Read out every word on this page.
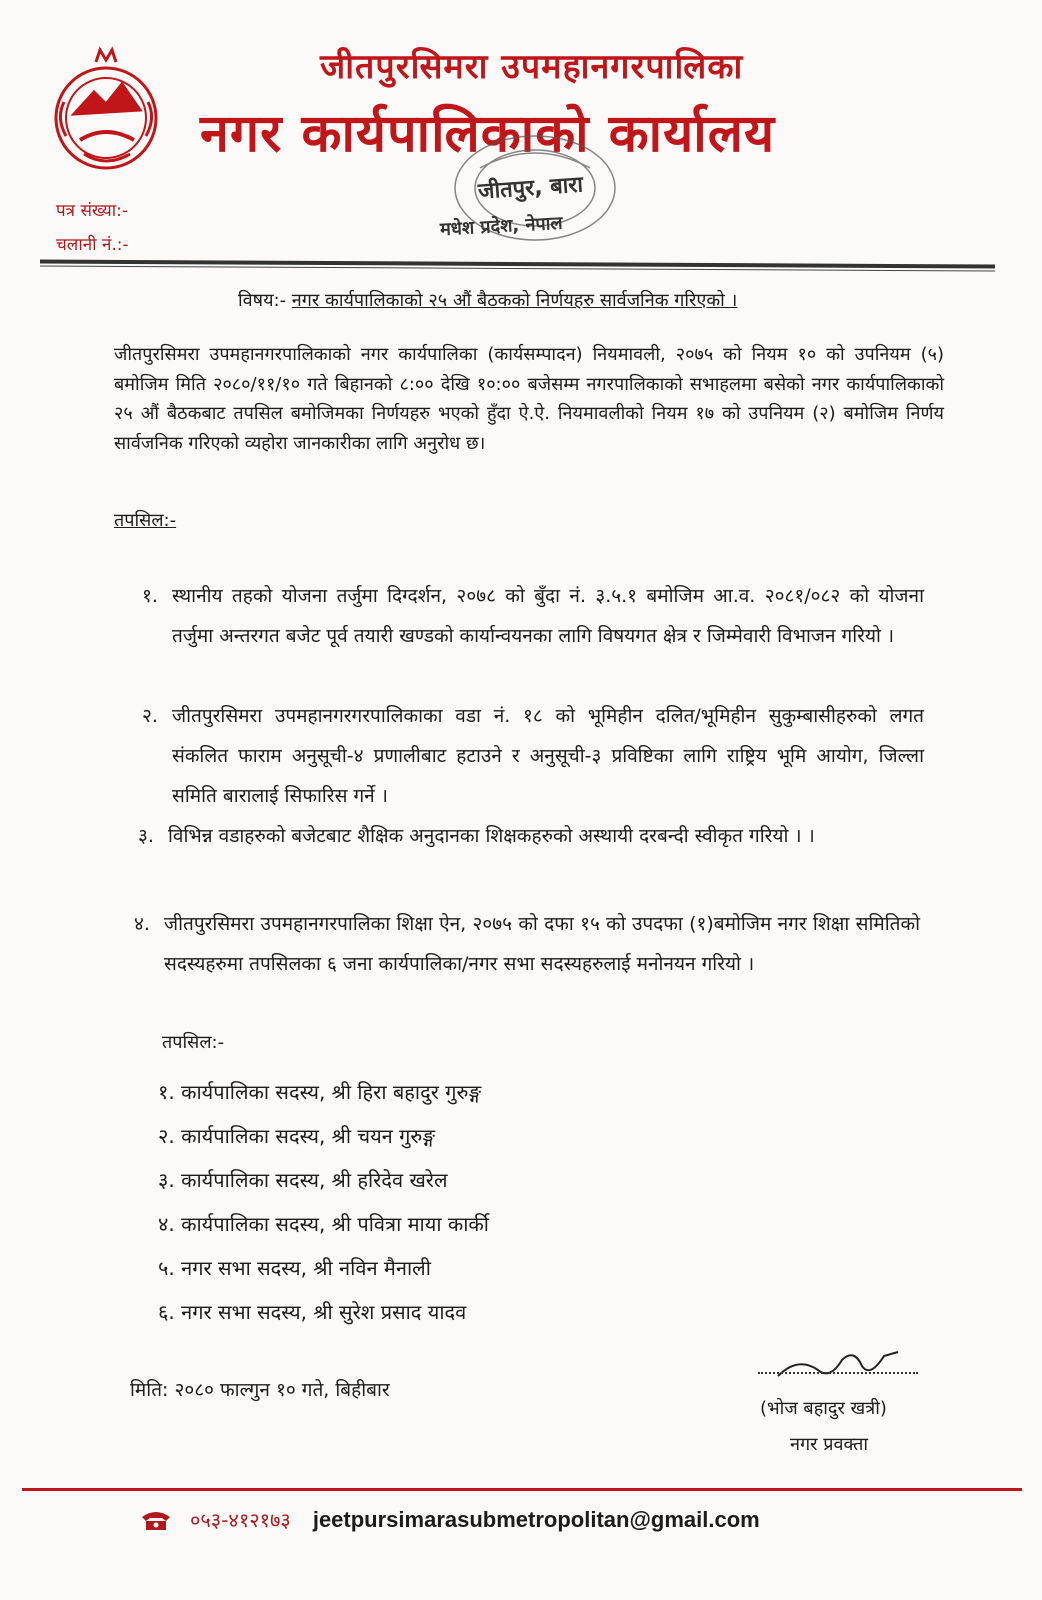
जीतपुरसिमरा उपमहानगरपालिका
नगर कार्यपालिकाको कार्यालय
जीतपुर, बारा
मधेश प्रदेश, नेपाल
पत्र संख्या:-
चलानी नं.:-
विषय:- नगर कार्यपालिकाको २५ औं बैठकको निर्णयहरु सार्वजनिक गरिएको ।
जीतपुरसिमरा उपमहानगरपालिकाको नगर कार्यपालिका (कार्यसम्पादन) नियमावली, २०७५ को नियम १० को उपनियम (५) बमोजिम मिति २०८०/११/१० गते बिहानको ८:०० देखि १०:०० बजेसम्म नगरपालिकाको सभाहलमा बसेको नगर कार्यपालिकाको २५ औं बैठकबाट तपसिल बमोजिमका निर्णयहरु भएको हुँदा ऐ.ऐ. नियमावलीको नियम १७ को उपनियम (२) बमोजिम निर्णय सार्वजनिक गरिएको व्यहोरा जानकारीका लागि अनुरोध छ।
तपसिल:-
१. स्थानीय तहको योजना तर्जुमा दिग्दर्शन, २०७८ को बुँदा नं. ३.५.१ बमोजिम आ.व. २०८१/०८२ को योजना तर्जुमा अन्तरगत बजेट पूर्व तयारी खण्डको कार्यान्वयनका लागि विषयगत क्षेत्र र जिम्मेवारी विभाजन गरियो ।
२. जीतपुरसिमरा उपमहानगरगरपालिकाका वडा नं. १८ को भूमिहीन दलित/भूमिहीन सुकुम्बासीहरुको लगत संकलित फाराम अनुसूची-४ प्रणालीबाट हटाउने र अनुसूची-३ प्रविष्टिका लागि राष्ट्रिय भूमि आयोग, जिल्ला समिति बारालाई सिफारिस गर्ने ।
३. विभिन्न वडाहरुको बजेटबाट शैक्षिक अनुदानका शिक्षकहरुको अस्थायी दरबन्दी स्वीकृत गरियो । ।
४. जीतपुरसिमरा उपमहानगरपालिका शिक्षा ऐन, २०७५ को दफा १५ को उपदफा (१)बमोजिम नगर शिक्षा समितिको सदस्यहरुमा तपसिलका ६ जना कार्यपालिका/नगर सभा सदस्यहरुलाई मनोनयन गरियो ।
तपसिल:-
१. कार्यपालिका सदस्य, श्री हिरा बहादुर गुरुङ्ग
२. कार्यपालिका सदस्य, श्री चयन गुरुङ्ग
३. कार्यपालिका सदस्य, श्री हरिदेव खरेल
४. कार्यपालिका सदस्य, श्री पवित्रा माया कार्की
५. नगर सभा सदस्य, श्री नविन मैनाली
६. नगर सभा सदस्य, श्री सुरेश प्रसाद यादव
मिति: २०८० फाल्गुन १० गते, बिहीबार
(भोज बहादुर खत्री)
नगर प्रवक्ता
०५३-४१२१७३ jeetpursimarasubmetropolitan@gmail.com
